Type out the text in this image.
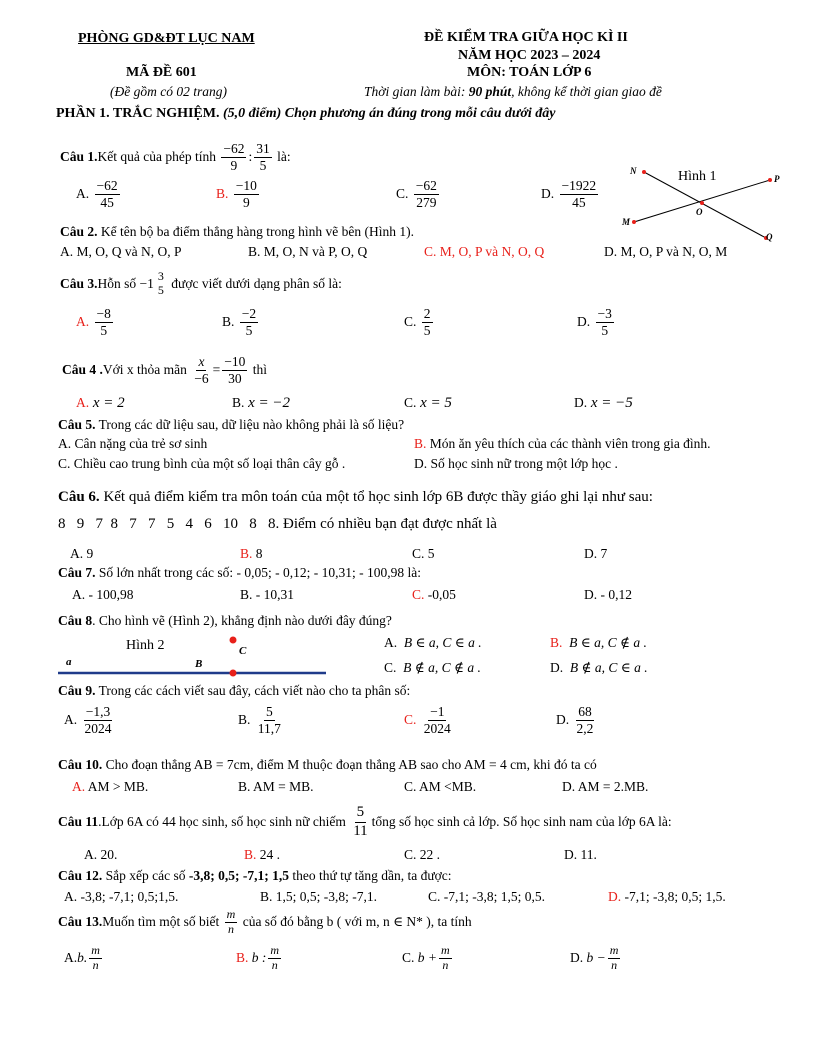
PHÒNG GD&ĐT LỤC NAM	ĐỀ KIỂM TRA GIỮA HỌC KÌ II
NĂM HỌC 2023 – 2024
MÃ ĐỀ 601	MÔN: TOÁN LỚP 6
(Đề gồm có 02 trang)	Thời gian làm bài: 90 phút, không kể thời gian giao đề
PHẦN 1. TRẮC NGHIỆM. (5,0 điểm) Chọn phương án đúng trong mỗi câu dưới đây
Câu 1. Kết quả của phép tính
$\frac{-62}{9}$ : $\frac{31}{5}$
là:
A.
$\frac{-62}{45}$	B.
$\frac{-10}{9}$	C.
$\frac{-62}{279}$	D.
$\frac{-1922}{45}$
Hình 1
N
P
O
M
Q
Câu 2. Kể tên bộ ba điểm thẳng hàng trong hình vẽ bên (Hình 1).
A. M, O, Q và N, O, P	B. M, O, N và P, O, Q	C. M, O, P và N, O, Q	D. M, O, P và N, O, M
Câu 3. Hỗn số
−1 3
5
được viết dưới dạng phân số là:
A.
$\frac{-8}{5}$	B.
$\frac{-2}{5}$	C.
$\frac{2}{5}$	D.
$\frac{-3}{5}$
Câu 4 . Với x thỏa mãn
$\frac{x}{-6} = \frac{-10}{30}$
thì
A. x = 2	B. x = −2	C. x = 5	D. x = −5
Câu 5. Trong các dữ liệu sau, dữ liệu nào không phải là số liệu?
A. Cân nặng của trẻ sơ sinh	B. Món ăn yêu thích của các thành viên trong gia đình.
C. Chiều cao trung bình của một số loại thân cây gỗ .	D. Số học sinh nữ trong một lớp học .
Câu 6. Kết quả điểm kiểm tra môn toán của một tổ học sinh lớp 6B được thầy giáo ghi lại như sau:
8   9   7  8   7   7   5   4   6   10   8   8. Điểm có nhiều bạn đạt được nhất là
A. 9	B. 8	C. 5	D. 7
Câu 7. Số lớn nhất trong các số: - 0,05; - 0,12; - 10,31; - 100,98 là:
A. - 100,98	B. - 10,31	C. -0,05	D. - 0,12
Câu 8. Cho hình vẽ (Hình 2), khẳng định nào dưới đây đúng?
Hình 2
a	B
C
A. B ∈ a, C ∈ a .	B. B ∈ a, C ∉ a .
C. B ∉ a, C ∉ a .	D. B ∉ a, C ∈ a .
Câu 9. Trong các cách viết sau đây, cách viết nào cho ta phân số:
A.
$\frac{-1,3}{2024}$	B.
$\frac{5}{11,7}$	C.
$\frac{-1}{2024}$	D.
$\frac{68}{2,2}$
Câu 10. Cho đoạn thẳng AB = 7cm, điểm M thuộc đoạn thẳng AB sao cho AM = 4 cm, khi đó ta có
A. AM > MB.	B. AM = MB.	C. AM <MB.	D. AM = 2.MB.
Câu 11 .Lớp 6A có 44 học sinh, số học sinh nữ chiếm
$\frac{5}{11}$ tổng số học sinh cả lớp. Số học sinh nam của lớp 6A là:
A. 20.	B. 24 .	C. 22 .	D. 11.
Câu 12. Sắp xếp các số -3,8; 0,5; -7,1; 1,5 theo thứ tự tăng dần, ta được:
A. -3,8; -7,1; 0,5;1,5.	B. 1,5; 0,5; -3,8; -7,1.	C. -7,1; -3,8; 1,5; 0,5.	D. -7,1; -3,8; 0,5; 1,5.
Câu 13. Muốn tìm một số biết
$\frac{m}{n}$
của số đó bằng b ( với m, n ∈ N* ), ta tính
A. b. $\frac{m}{n}$	B.
b : $\frac{m}{n}$	C.
$b + \frac{m}{n}$	D.
$b - \frac{m}{n}$
